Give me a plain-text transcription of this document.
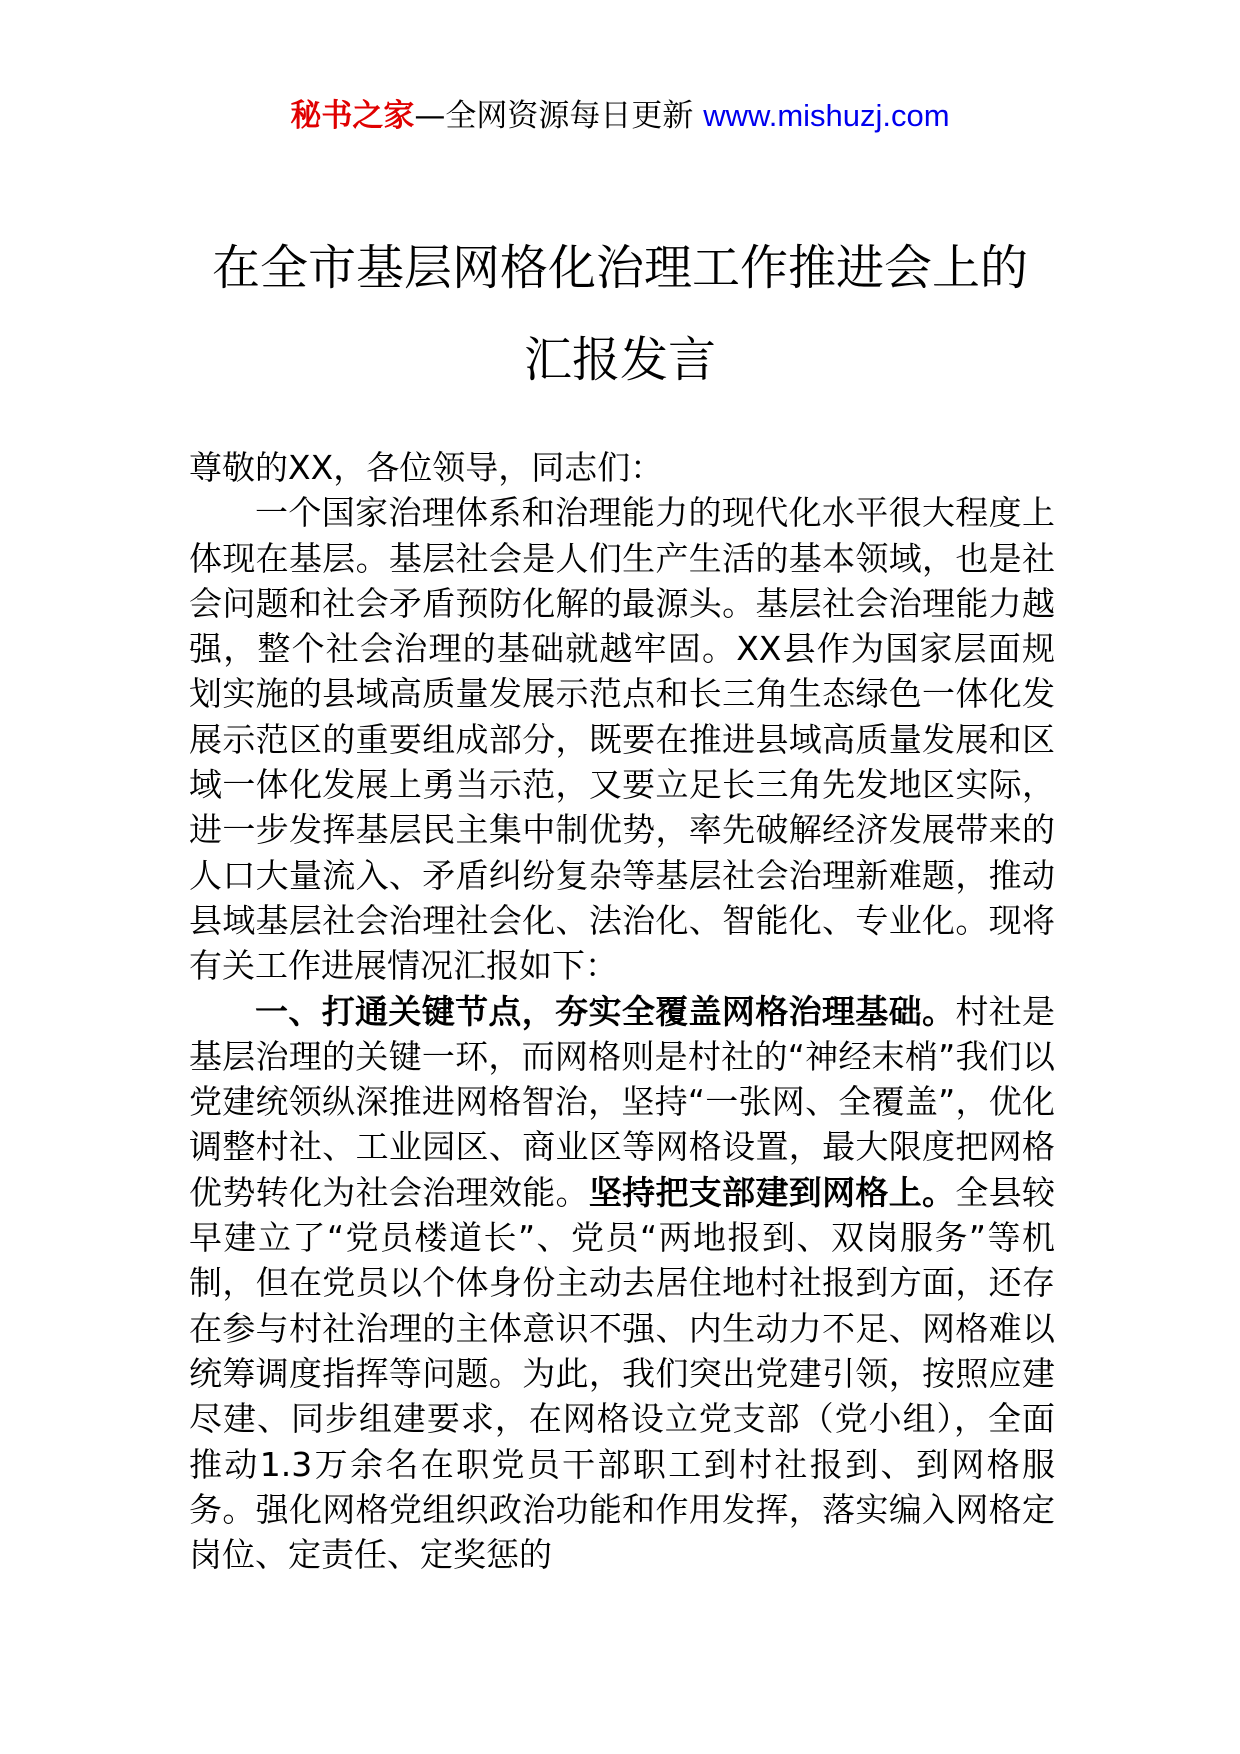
秘书之家—全网资源每日更新 www.mishuzj.com
在全市基层网格化治理工作推进会上的
汇报发言

尊敬的XX，各位领导，同志们：

一个国家治理体系和治理能力的现代化水平很大程度上体现在基层。基层社会是人们生产生活的基本领域，也是社会问题和社会矛盾预防化解的最源头。基层社会治理能力越强，整个社会治理的基础就越牢固。XX县作为国家层面规划实施的县域高质量发展示范点和长三角生态绿色一体化发展示范区的重要组成部分，既要在推进县域高质量发展和区域一体化发展上勇当示范，又要立足长三角先发地区实际，进一步发挥基层民主集中制优势，率先破解经济发展带来的人口大量流入、矛盾纠纷复杂等基层社会治理新难题，推动县域基层社会治理社会化、法治化、智能化、专业化。现将有关工作进展情况汇报如下：

一、打通关键节点，夯实全覆盖网格治理基础。村社是基层治理的关键一环，而网格则是村社的“神经末梢”我们以党建统领纵深推进网格智治，坚持“一张网、全覆盖”，优化调整村社、工业园区、商业区等网格设置，最大限度把网格优势转化为社会治理效能。坚持把支部建到网格上。全县较早建立了“党员楼道长”、党员“两地报到、双岗服务”等机制，但在党员以个体身份主动去居住地村社报到方面，还存在参与村社治理的主体意识不强、内生动力不足、网格难以统筹调度指挥等问题。为此，我们突出党建引领，按照应建尽建、同步组建要求，在网格设立党支部（党小组），全面推动1.3万余名在职党员干部职工到村社报到、到网格服务。强化网格党组织政治功能和作用发挥，落实编入网格定岗位、定责任、定奖惩的
